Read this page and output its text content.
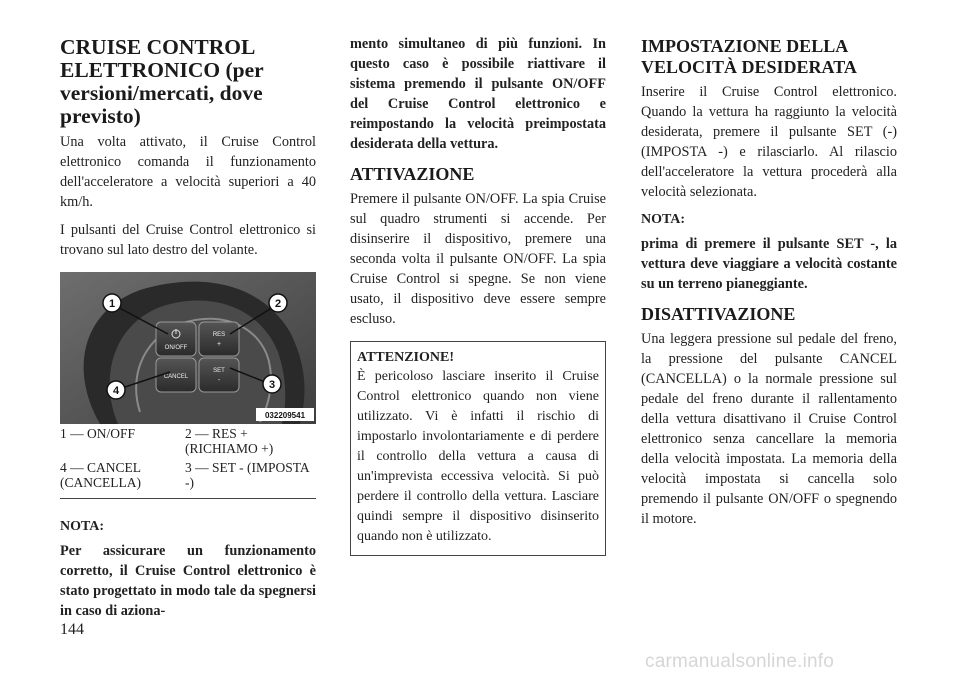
CRUISE CONTROL ELETTRONICO (per versioni/mercati, dove previsto)

Una volta attivato, il Cruise Control elettronico comanda il funzionamento dell'acceleratore a velocità superiori a 40 km/h.

I pulsanti del Cruise Control elettronico si trovano sul lato destro del volante.

ON/OFF
RES
+
CANCEL
SET
-
1	2
3
4
032209541
1 — ON/OFF	2 — RES + (RICHIAMO +)
4 — CANCEL (CANCELLA)	3 — SET - (IMPOSTA -)
NOTA:

Per assicurare un funzionamento corretto, il Cruise Control elettronico è stato progettato in modo tale da spegnersi in caso di aziona-

mento simultaneo di più funzioni. In questo caso è possibile riattivare il sistema premendo il pulsante ON/OFF del Cruise Control elettronico e reimpostando la velocità preimpostata desiderata della vettura.

ATTIVAZIONE

Premere il pulsante ON/OFF. La spia Cruise sul quadro strumenti si accende. Per disinserire il dispositivo, premere una seconda volta il pulsante ON/OFF. La spia Cruise Control si spegne. Se non viene usato, il dispositivo deve essere sempre escluso.

ATTENZIONE!

È pericoloso lasciare inserito il Cruise Control elettronico quando non viene utilizzato. Vi è infatti il rischio di impostarlo involontariamente e di perdere il controllo della vettura a causa di un'imprevista eccessiva velocità. Si può perdere il controllo della vettura. Lasciare quindi sempre il dispositivo disinserito quando non è utilizzato.

IMPOSTAZIONE DELLA VELOCITÀ DESIDERATA

Inserire il Cruise Control elettronico. Quando la vettura ha raggiunto la velocità desiderata, premere il pulsante SET (-) (IMPOSTA -) e rilasciarlo. Al rilascio dell'acceleratore la vettura procederà alla velocità selezionata.

NOTA:

prima di premere il pulsante SET -, la vettura deve viaggiare a velocità costante su un terreno pianeggiante.

DISATTIVAZIONE

Una leggera pressione sul pedale del freno, la pressione del pulsante CANCEL (CANCELLA) o la normale pressione sul pedale del freno durante il rallentamento della vettura disattivano il Cruise Control elettronico senza cancellare la memoria della velocità impostata. La memoria della velocità impostata si cancella solo premendo il pulsante ON/OFF o spegnendo il motore.

144
carmanualsonline.info
